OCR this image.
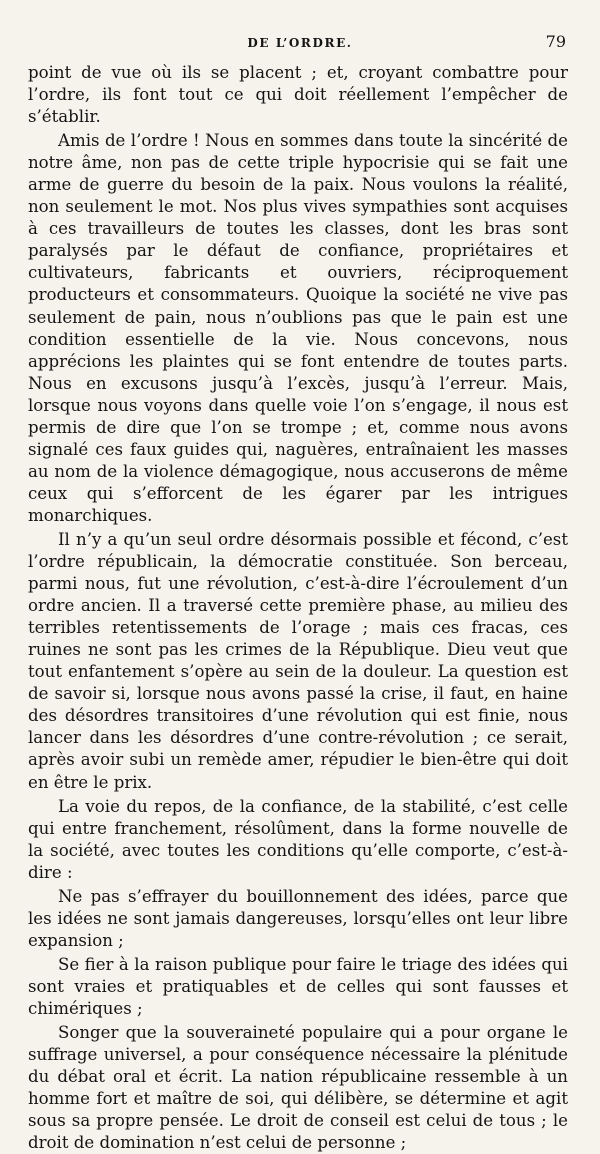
DE L’ORDRE.	79

point de vue où ils se placent ; et, croyant combattre pour l’ordre, ils font tout ce qui doit réellement l’empêcher de s’établir.

Amis de l’ordre ! Nous en sommes dans toute la sincérité de notre âme, non pas de cette triple hypocrisie qui se fait une arme de guerre du besoin de la paix. Nous voulons la réalité, non seulement le mot. Nos plus vives sympathies sont acquises à ces travailleurs de toutes les classes, dont les bras sont paralysés par le défaut de confiance, propriétaires et cultivateurs, fabricants et ouvriers, réciproquement producteurs et consommateurs. Quoique la société ne vive pas seulement de pain, nous n’oublions pas que le pain est une condition essentielle de la vie. Nous concevons, nous apprécions les plaintes qui se font entendre de toutes parts. Nous en excusons jusqu’à l’excès, jusqu’à l’erreur. Mais, lorsque nous voyons dans quelle voie l’on s’engage, il nous est permis de dire que l’on se trompe ; et, comme nous avons signalé ces faux guides qui, naguères, entraînaient les masses au nom de la violence démagogique, nous accuserons de même ceux qui s’efforcent de les égarer par les intrigues monarchiques.

Il n’y a qu’un seul ordre désormais possible et fécond, c’est l’ordre républicain, la démocratie constituée. Son berceau, parmi nous, fut une révolution, c’est-à-dire l’écroulement d’un ordre ancien. Il a traversé cette première phase, au milieu des terribles retentissements de l’orage ; mais ces fracas, ces ruines ne sont pas les crimes de la République. Dieu veut que tout enfantement s’opère au sein de la douleur. La question est de savoir si, lorsque nous avons passé la crise, il faut, en haine des désordres transitoires d’une révolution qui est finie, nous lancer dans les désordres d’une contre-révolution ; ce serait, après avoir subi un remède amer, répudier le bien-être qui doit en être le prix.

La voie du repos, de la confiance, de la stabilité, c’est celle qui entre franchement, résolûment, dans la forme nouvelle de la société, avec toutes les conditions qu’elle comporte, c’est-à-dire :

Ne pas s’effrayer du bouillonnement des idées, parce que les idées ne sont jamais dangereuses, lorsqu’elles ont leur libre expansion ;

Se fier à la raison publique pour faire le triage des idées qui sont vraies et pratiquables et de celles qui sont fausses et chimériques ;

Songer que la souveraineté populaire qui a pour organe le suffrage universel, a pour conséquence nécessaire la plénitude du débat oral et écrit. La nation républicaine ressemble à un homme fort et maître de soi, qui délibère, se détermine et agit sous sa propre pensée. Le droit de conseil est celui de tous ; le droit de domination n’est celui de personne ;
